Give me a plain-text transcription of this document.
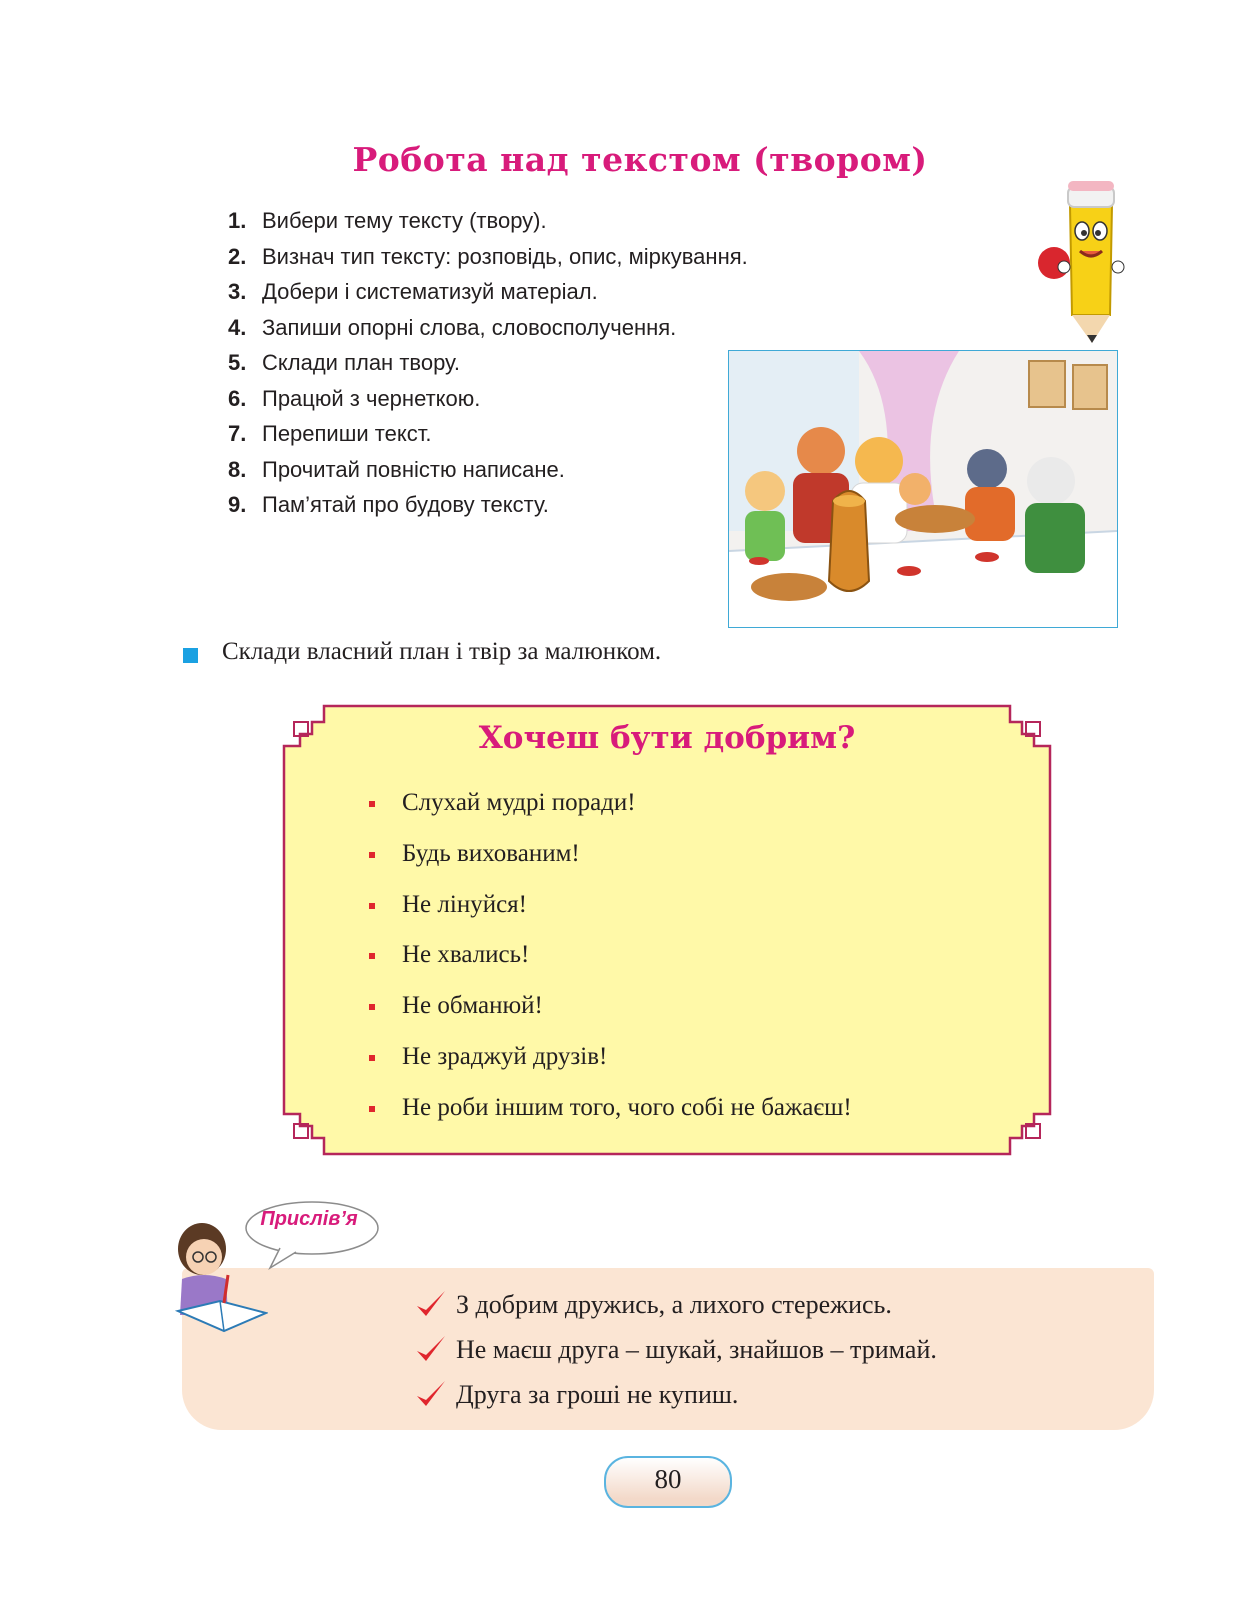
Робота над текстом (твором)
1. Вибери тему тексту (твору).
2. Визнач тип тексту: розповідь, опис, міркування.
3. Добери і систематизуй матеріал.
4. Запиши опорні слова, словосполучення.
5. Склади план твору.
6. Працюй з чернеткою.
7. Перепиши текст.
8. Прочитай повністю написане.
9. Пам’ятай про будову тексту.
Склади власний план і твір за малюнком.
Хочеш бути добрим?
Слухай мудрі поради!
Будь вихованим!
Не лінуйся!
Не хвались!
Не обманюй!
Не зраджуй друзів!
Не роби іншим того, чого собі не бажаєш!
Прислів’я
З добрим дружись, а лихого стережись.
Не маєш друга – шукай, знайшов – тримай.
Друга за гроші не купиш.
80
